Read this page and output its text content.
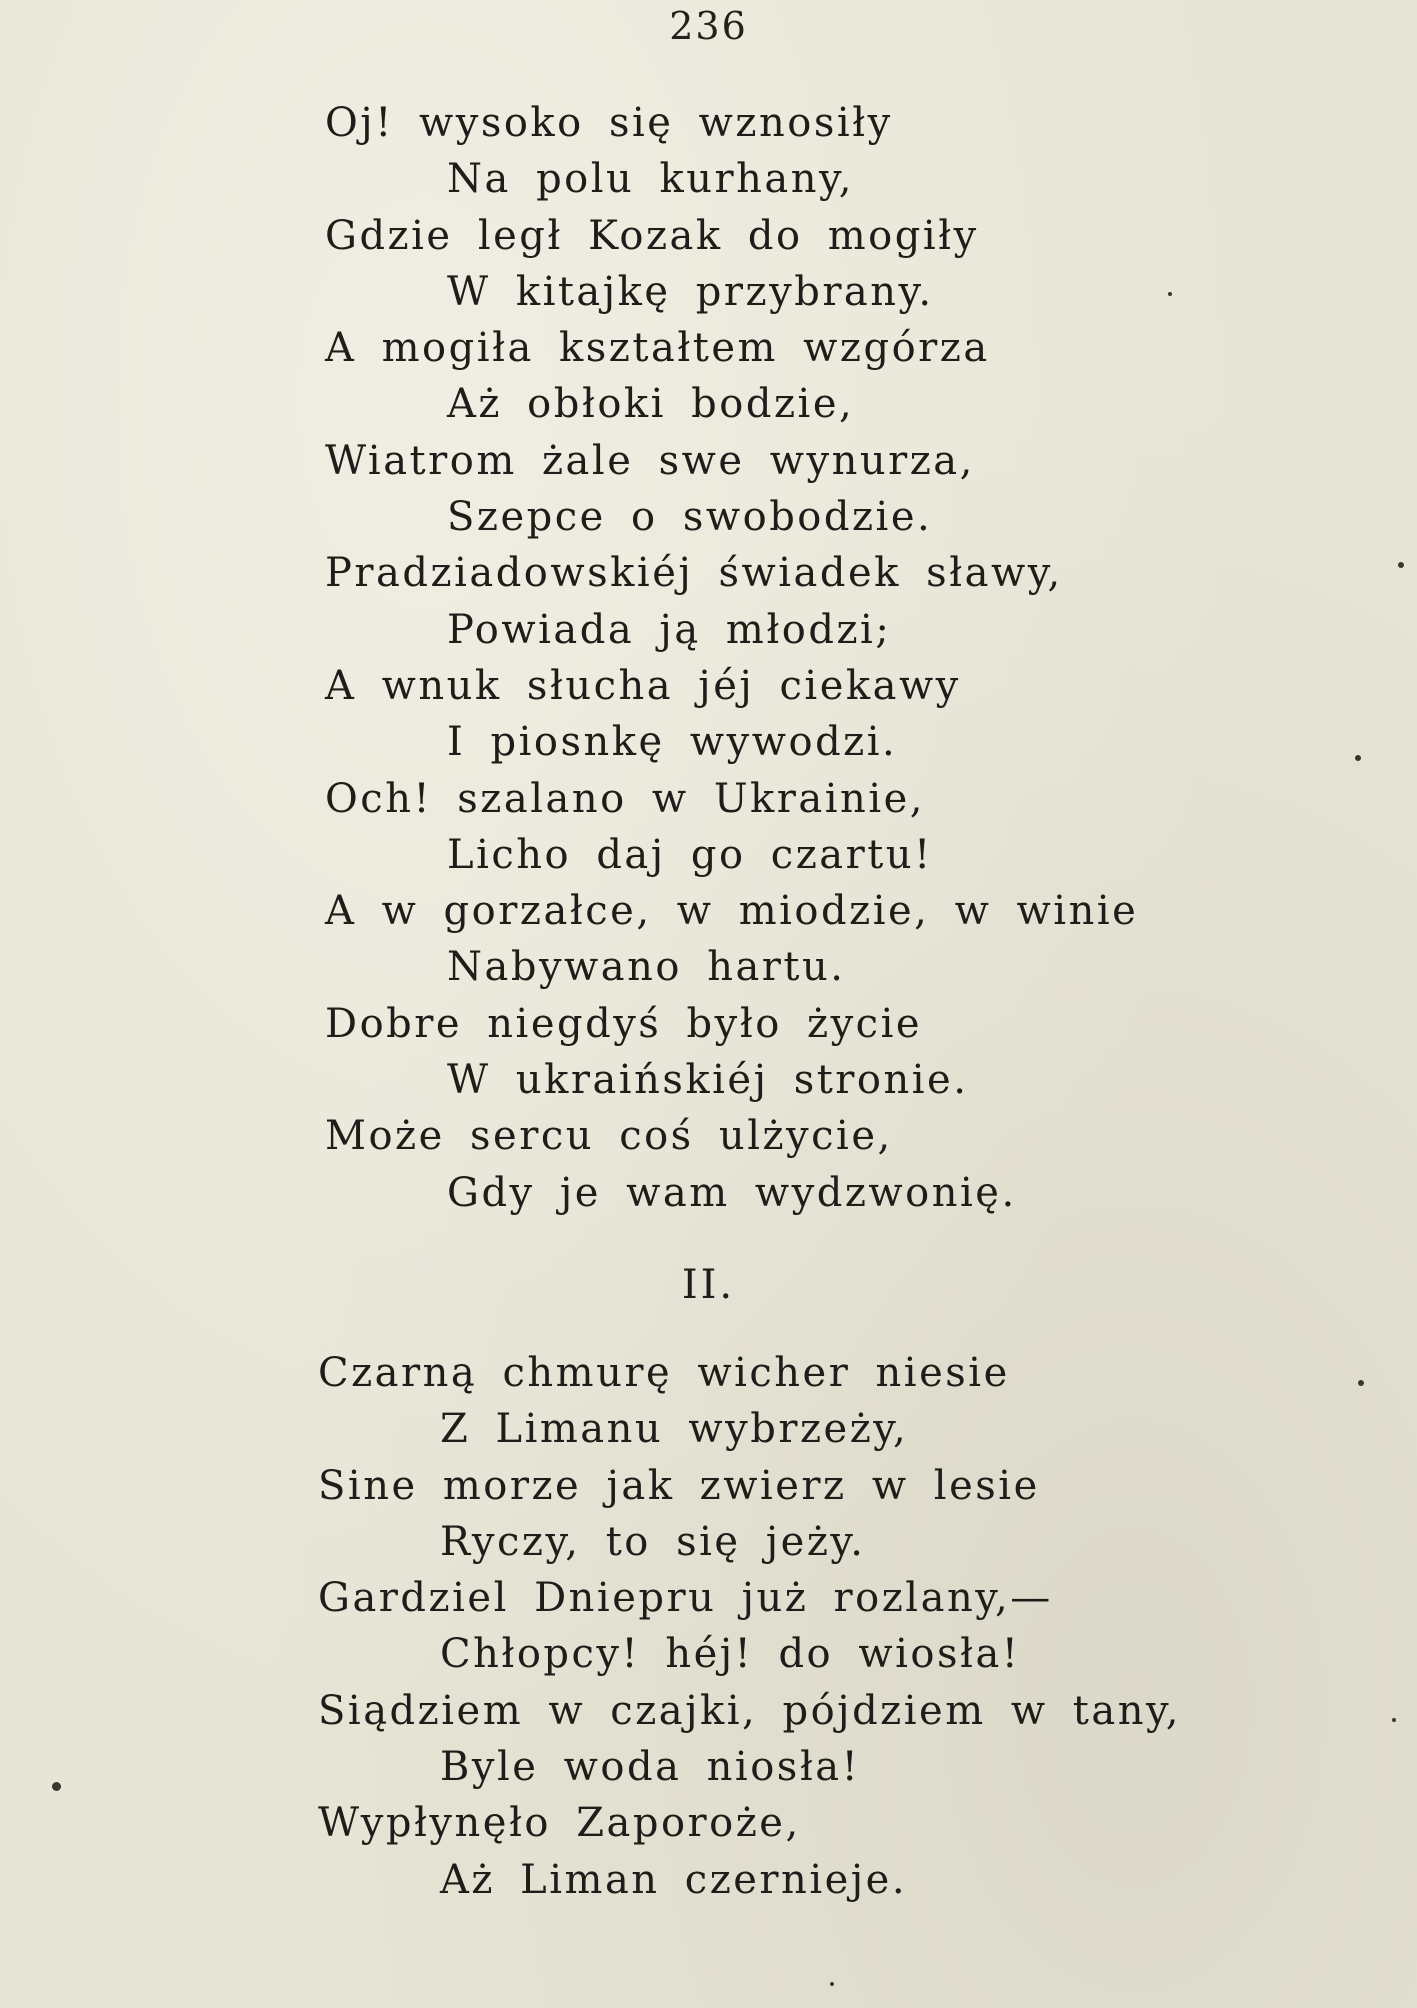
236
Oj! wysoko się wznosiły
Na polu kurhany,
Gdzie legł Kozak do mogiły
W kitajkę przybrany.
A mogiła kształtem wzgórza
Aż obłoki bodzie,
Wiatrom żale swe wynurza,
Szepce o swobodzie.
Pradziadowskiéj świadek sławy,
Powiada ją młodzi;
A wnuk słucha jéj ciekawy
I piosnkę wywodzi.
Och! szalano w Ukrainie,
Licho daj go czartu!
A w gorzałce, w miodzie, w winie
Nabywano hartu.
Dobre niegdyś było życie
W ukraińskiéj stronie.
Może sercu coś ulżycie,
Gdy je wam wydzwonię.
II.
Czarną chmurę wicher niesie
Z Limanu wybrzeży,
Sine morze jak zwierz w lesie
Ryczy, to się jeży.
Gardziel Dniepru już rozlany,—
Chłopcy! héj! do wiosła!
Siądziem w czajki, pójdziem w tany,
Byle woda niosła!
Wypłynęło Zaporoże,
Aż Liman czernieje.
